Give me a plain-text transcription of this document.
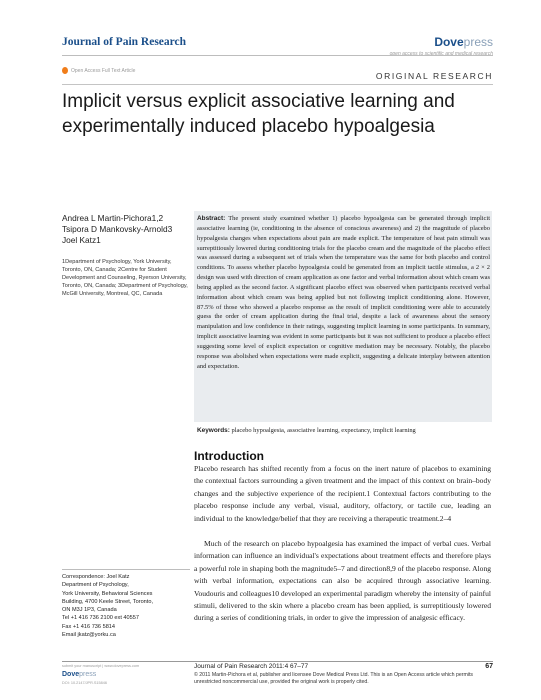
Journal of Pain Research	Dovepress
open access to scientific and medical research
Open Access Full Text Article
ORIGINAL RESEARCH
Implicit versus explicit associative learning and experimentally induced placebo hypoalgesia
Andrea L Martin-Pichora1,2
Tsipora D Mankovsky-Arnold3
Joel Katz1
1Department of Psychology, York University, Toronto, ON, Canada; 2Centre for Student Development and Counseling, Ryerson University, Toronto, ON, Canada; 3Department of Psychology, McGill University, Montreal, QC, Canada
Abstract: The present study examined whether 1) placebo hypoalgesia can be generated through implicit associative learning (ie, conditioning in the absence of conscious awareness) and 2) the magnitude of placebo hypoalgesia changes when expectations about pain are made explicit. The temperature of heat pain stimuli was surreptitiously lowered during conditioning trials for the placebo cream and the magnitude of the placebo effect was assessed during a subsequent set of trials when the temperature was the same for both placebo and control conditions. To assess whether placebo hypoalgesia could be generated from an implicit tactile stimulus, a 2 × 2 design was used with direction of cream application as one factor and verbal information about which cream was being applied as the second factor. A significant placebo effect was observed when participants received verbal information about which cream was being applied but not following implicit conditioning alone. However, 87.5% of those who showed a placebo response as the result of implicit conditioning were able to accurately guess the order of cream application during the final trial, despite a lack of awareness about the sensory manipulation and low confidence in their ratings, suggesting implicit learning in some participants. In summary, implicit associative learning was evident in some participants but it was not sufficient to produce a placebo effect suggesting some level of explicit expectation or cognitive mediation may be necessary. Notably, the placebo response was abolished when expectations were made explicit, suggesting a delicate interplay between attention and expectation.
Keywords: placebo hypoalgesia, associative learning, expectancy, implicit learning
Introduction
Placebo research has shifted recently from a focus on the inert nature of placebos to examining the contextual factors surrounding a given treatment and the impact of this context on brain–body changes and the subjective experience of the recipient.1 Contextual factors contributing to the placebo response include any verbal, visual, auditory, olfactory, or tactile cue, leading an individual to the knowledge/belief that they are receiving a therapeutic treatment.2–4
Much of the research on placebo hypoalgesia has examined the impact of verbal cues. Verbal information can influence an individual's expectations about treatment effects and therefore plays a powerful role in shaping both the magnitude5–7 and direction8,9 of the placebo response. Along with verbal information, expectations can also be acquired through associative learning. Voudouris and colleagues10 developed an experimental paradigm whereby the intensity of painful stimuli, delivered to the skin where a placebo cream has been applied, is surreptitiously lowered during a series of conditioning trials, in order to give the impression of analgesic efficacy.
Correspondence: Joel Katz
Department of Psychology,
York University, Behavioral Sciences
Building, 4700 Keele Street, Toronto,
ON M3J 1P3, Canada
Tel +1 416 736 2100 ext 40557
Fax +1 416 736 5814
Email jkatz@yorku.ca
submit your manuscript | www.dovepress.com
Dovepress
DOI: 10.2147/JPR.S15846
Journal of Pain Research 2011:4 67–77	67
© 2011 Martin-Pichora et al, publisher and licensee Dove Medical Press Ltd. This is an Open Access article which permits unrestricted noncommercial use, provided the original work is properly cited.
